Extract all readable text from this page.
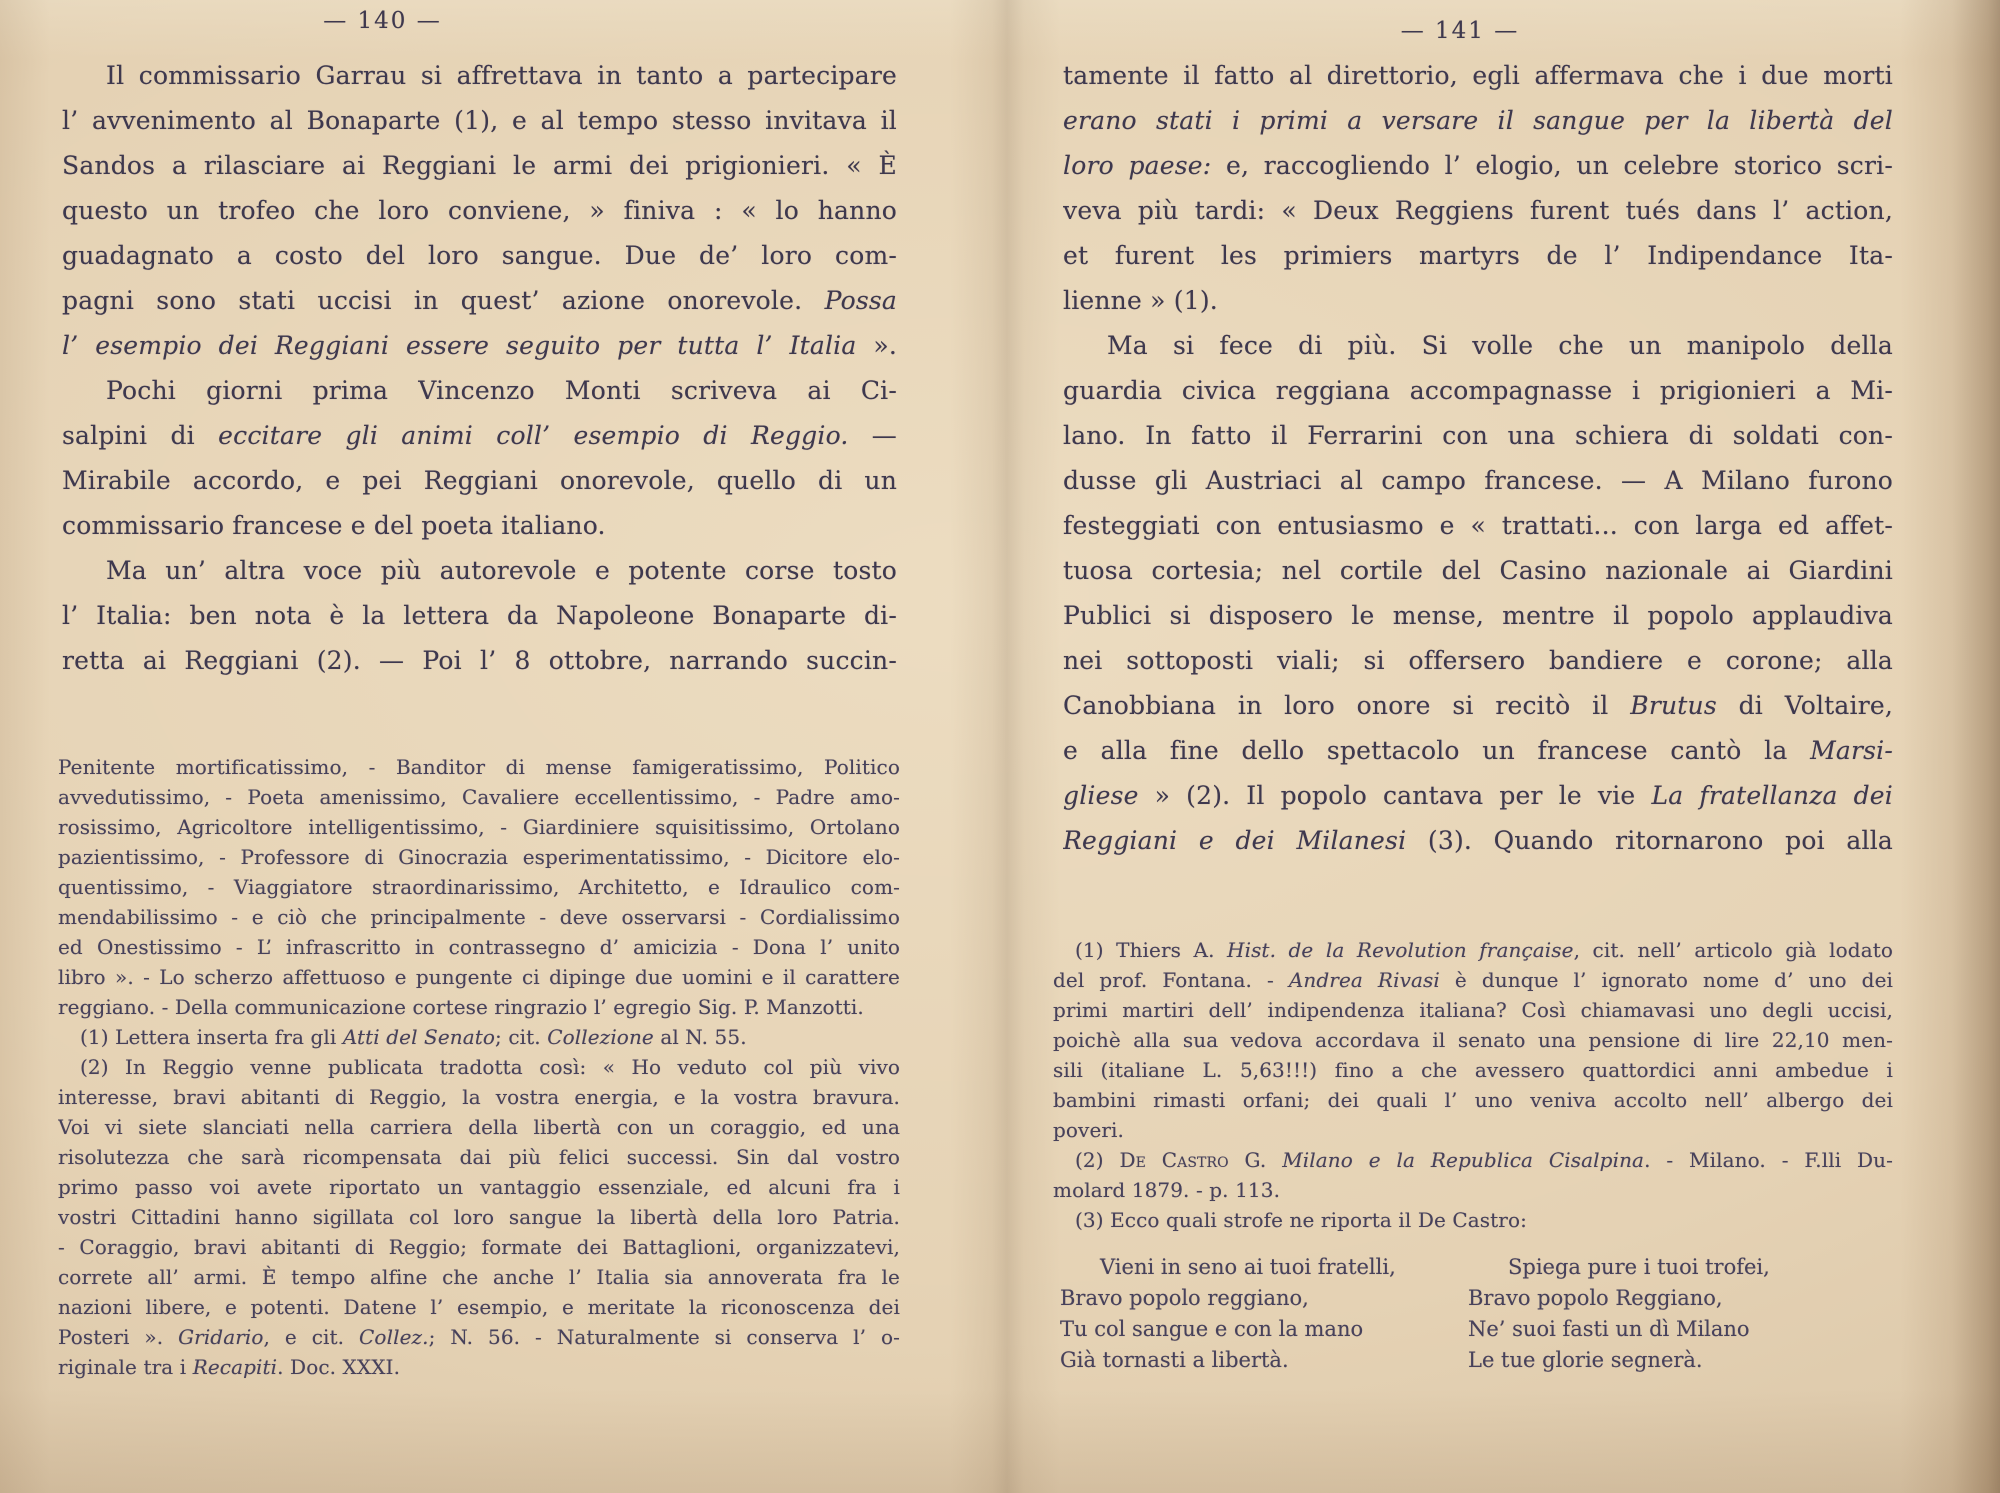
— 140 —	— 141 —
Il commissario Garrau si affrettava in tanto a partecipare
l’ avvenimento al Bonaparte (1), e al tempo stesso invitava il
Sandos a rilasciare ai Reggiani le armi dei prigionieri. « È
questo un trofeo che loro conviene, » finiva : « lo hanno
guadagnato a costo del loro sangue. Due de’ loro com-
pagni sono stati uccisi in quest’ azione onorevole. Possa
l’ esempio dei Reggiani essere seguito per tutta l’ Italia ».
Pochi giorni prima Vincenzo Monti scriveva ai Ci-
salpini di eccitare gli animi coll’ esempio di Reggio. —
Mirabile accordo, e pei Reggiani onorevole, quello di un
commissario francese e del poeta italiano.
Ma un’ altra voce più autorevole e potente corse tosto
l’ Italia: ben nota è la lettera da Napoleone Bonaparte di-
retta ai Reggiani (2). — Poi l’ 8 ottobre, narrando succin-
Penitente mortificatissimo, - Banditor di mense famigeratissimo, Politico
avvedutissimo, - Poeta amenissimo, Cavaliere eccellentissimo, - Padre amo-
rosissimo, Agricoltore intelligentissimo, - Giardiniere squisitissimo, Ortolano
pazientissimo, - Professore di Ginocrazia esperimentatissimo, - Dicitore elo-
quentissimo, - Viaggiatore straordinarissimo, Architetto, e Idraulico com-
mendabilissimo - e ciò che principalmente - deve osservarsi - Cordialissimo
ed Onestissimo - L’ infrascritto in contrassegno d’ amicizia - Dona l’ unito
libro ». - Lo scherzo affettuoso e pungente ci dipinge due uomini e il carattere
reggiano. - Della communicazione cortese ringrazio l’ egregio Sig. P. Manzotti.
(1) Lettera inserta fra gli Atti del Senato; cit. Collezione al N. 55.
(2) In Reggio venne publicata tradotta così: « Ho veduto col più vivo
interesse, bravi abitanti di Reggio, la vostra energia, e la vostra bravura.
Voi vi siete slanciati nella carriera della libertà con un coraggio, ed una
risolutezza che sarà ricompensata dai più felici successi. Sin dal vostro
primo passo voi avete riportato un vantaggio essenziale, ed alcuni fra i
vostri Cittadini hanno sigillata col loro sangue la libertà della loro Patria.
- Coraggio, bravi abitanti di Reggio; formate dei Battaglioni, organizzatevi,
correte all’ armi. È tempo alfine che anche l’ Italia sia annoverata fra le
nazioni libere, e potenti. Datene l’ esempio, e meritate la riconoscenza dei
Posteri ». Gridario, e cit. Collez.; N. 56. - Naturalmente si conserva l’ o-
riginale tra i Recapiti. Doc. XXXI.
tamente il fatto al direttorio, egli affermava che i due morti
erano stati i primi a versare il sangue per la libertà del
loro paese: e, raccogliendo l’ elogio, un celebre storico scri-
veva più tardi: « Deux Reggiens furent tués dans l’ action,
et furent les primiers martyrs de l’ Indipendance Ita-
lienne » (1).
Ma si fece di più. Si volle che un manipolo della
guardia civica reggiana accompagnasse i prigionieri a Mi-
lano. In fatto il Ferrarini con una schiera di soldati con-
dusse gli Austriaci al campo francese. — A Milano furono
festeggiati con entusiasmo e « trattati... con larga ed affet-
tuosa cortesia; nel cortile del Casino nazionale ai Giardini
Publici si disposero le mense, mentre il popolo applaudiva
nei sottoposti viali; si offersero bandiere e corone; alla
Canobbiana in loro onore si recitò il Brutus di Voltaire,
e alla fine dello spettacolo un francese cantò la Marsi-
gliese » (2). Il popolo cantava per le vie La fratellanza dei
Reggiani e dei Milanesi (3). Quando ritornarono poi alla
(1) Thiers A. Hist. de la Revolution française, cit. nell’ articolo già lodato
del prof. Fontana. - Andrea Rivasi è dunque l’ ignorato nome d’ uno dei
primi martiri dell’ indipendenza italiana? Così chiamavasi uno degli uccisi,
poichè alla sua vedova accordava il senato una pensione di lire 22,10 men-
sili (italiane L. 5,63!!!) fino a che avessero quattordici anni ambedue i
bambini rimasti orfani; dei quali l’ uno veniva accolto nell’ albergo dei
poveri.
(2) De Castro G. Milano e la Republica Cisalpina. - Milano. - F.lli Du-
molard 1879. - p. 113.
(3) Ecco quali strofe ne riporta il De Castro:
Vieni in seno ai tuoi fratelli,
Bravo popolo reggiano,
Tu col sangue e con la mano
Già tornasti a libertà.
Spiega pure i tuoi trofei,
Bravo popolo Reggiano,
Ne’ suoi fasti un dì Milano
Le tue glorie segnerà.
